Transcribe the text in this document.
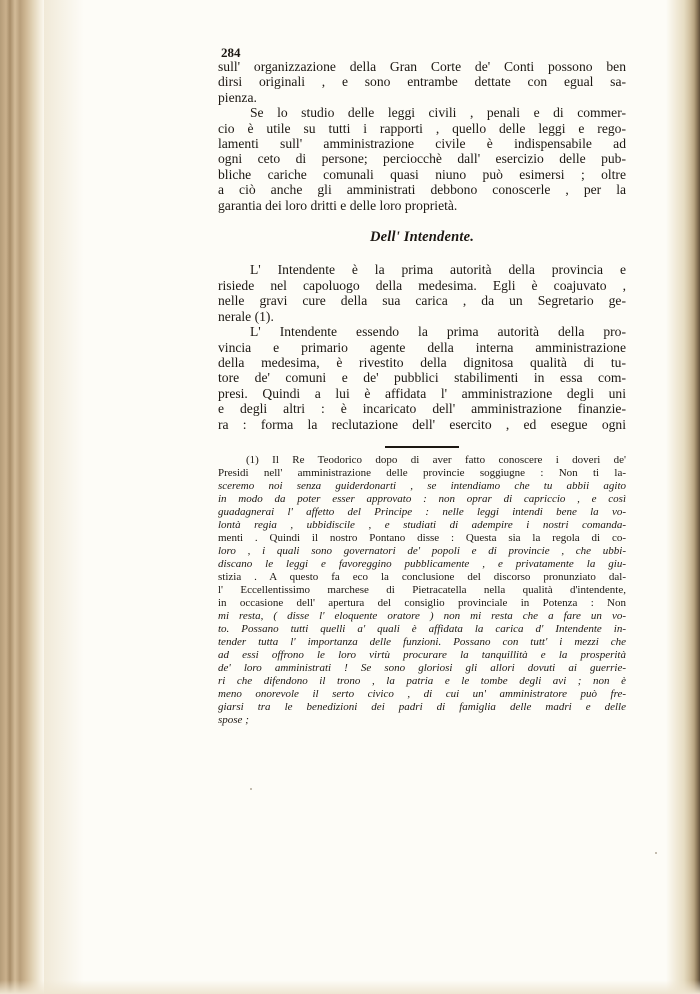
284
sull' organizzazione della Gran Corte de' Conti possono ben
dirsi originali , e sono entrambe dettate con egual sa-
pienza.
Se lo studio delle leggi civili , penali e di commer-
cio è utile su tutti i rapporti , quello delle leggi e rego-
lamenti sull' amministrazione civile è indispensabile ad
ogni ceto di persone; perciocchè dall' esercizio delle pub-
bliche cariche comunali quasi niuno può esimersi ; oltre
a ciò anche gli amministrati debbono conoscerle , per la
garantia dei loro dritti e delle loro proprietà.
Dell' Intendente.
L' Intendente è la prima autorità della provincia e
risiede nel capoluogo della medesima. Egli è coajuvato ,
nelle gravi cure della sua carica , da un Segretario ge-
nerale (1).
L' Intendente essendo la prima autorità della pro-
vincia e primario agente della interna amministrazione
della medesima, è rivestito della dignitosa qualità di tu-
tore de' comuni e de' pubblici stabilimenti in essa com-
presi. Quindi a lui è affidata l' amministrazione degli uni
e degli altri : è incaricato dell' amministrazione finanzie-
ra : forma la reclutazione dell' esercito , ed esegue ogni
(1) Il Re Teodorico dopo di aver fatto conoscere i doveri de'
Presidi nell' amministrazione delle provincie soggiugne : Non ti la-
sceremo noi senza guiderdonarti , se intendiamo che tu abbii agito
in modo da poter esser approvato : non oprar di capriccio , e così
guadagnerai l' affetto del Principe : nelle leggi intendi bene la vo-
lontà regia , ubbidiscile , e studiati di adempire i nostri comanda-
menti . Quindi il nostro Pontano disse : Questa sia la regola di co-
loro , i quali sono governatori de' popoli e di provincie , che ubbi-
discano le leggi e favoreggino pubblicamente , e privatamente la giu-
stizia . A questo fa eco la conclusione del discorso pronunziato dal-
l' Eccellentissimo marchese di Pietracatella nella qualità d'intendente,
in occasione dell' apertura del consiglio provinciale in Potenza : Non
mi resta, ( disse l' eloquente oratore ) non mi resta che a fare un vo-
to. Possano tutti quelli a' quali è affidata la carica d' Intendente in-
tender tutta l' importanza delle funzioni. Possano con tutt' i mezzi che
ad essi offrono le loro virtù procurare la tanquillità e la prosperità
de' loro amministrati ! Se sono gloriosi gli allori dovuti ai guerrie-
ri che difendono il trono , la patria e le tombe degli avi ; non è
meno onorevole il serto civico , di cui un' amministratore può fre-
giarsi tra le benedizioni dei padri di famiglia delle madri e delle
spose ;
